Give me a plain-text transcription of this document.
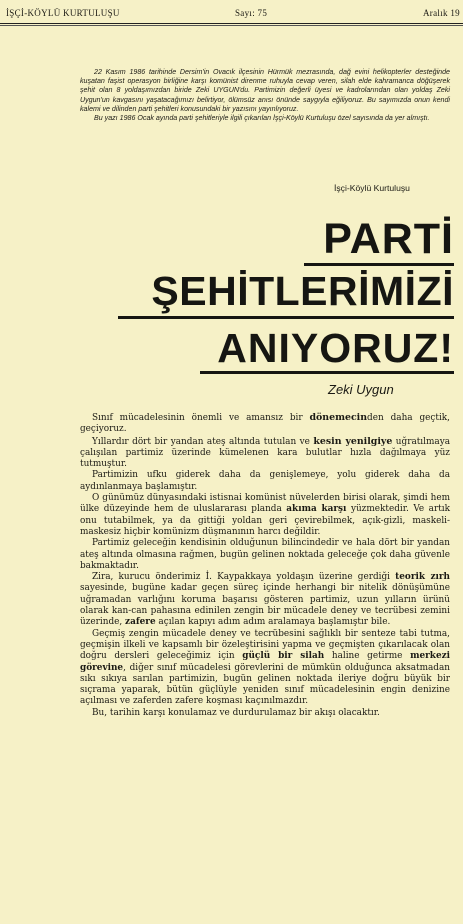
İŞÇİ-KÖYLÜ KURTULUŞU	Sayı: 75	Aralık 19

22 Kasım 1986 tarihinde Dersim'in Ovacık ilçesinin Hürmük mezrasında, dağ evini helikopterler desteğinde kuşatan faşist operasyon birliğine karşı komünist direnme ruhuyla cevap veren, silah elde kahramanca döğüşerek şehit olan 8 yoldaşımızdan biride Zeki UYGUN'du. Partimizin değerli üyesi ve kadrolarından olan yoldaş Zeki Uygun'un kavgasını yaşatacağımızı belirtiyor, ölümsüz anısı önünde saygıyla eğiliyoruz. Bu sayımızda onun kendi kalemi ve dilinden parti şehitleri konusundaki bir yazısını yayınlıyoruz.

Bu yazı 1986 Ocak ayında parti şehitleriyle ilgili çıkarılan İşçi-Köylü Kurtuluşu özel sayısında da yer almıştı.

İşçi-Köylü Kurtuluşu
PARTİ
ŞEHİTLERİMİZİ
ANIYORUZ!
Zeki Uygun

Sınıf mücadelesinin önemli ve amansız bir dönemecinden daha geçtik, geçiyoruz.

Yıllardır dört bir yandan ateş altında tutulan ve kesin yenilgiye uğratılmaya çalışılan partimiz üzerinde kümelenen kara bulutlar hızla dağılmaya yüz tutmuştur.

Partimizin ufku giderek daha da genişlemeye, yolu giderek daha da aydınlanmaya başlamıştır.

O günümüz dünyasındaki istisnai komünist nüvelerden birisi olarak, şimdi hem ülke düzeyinde hem de uluslararası planda akıma karşı yüzmektedir. Ve artık onu tutabilmek, ya da gittiği yoldan geri çevirebilmek, açık-gizli, maskeli-maskesiz hiçbir komünizm düşmanının harcı değildir.

Partimiz geleceğin kendisinin olduğunun bilincindedir ve hala dört bir yandan ateş altında olmasına rağmen, bugün gelinen noktada geleceğe çok daha güvenle bakmaktadır.

Zira, kurucu önderimiz İ. Kaypakkaya yoldaşın üzerine gerdiği teorik zırh sayesinde, bugüne kadar geçen süreç içinde herhangi bir nitelik dönüşümüne uğramadan varlığını koruma başarısı gösteren partimiz, uzun yılların ürünü olarak kan-can pahasına edinilen zengin bir mücadele deney ve tecrübesi zemini üzerinde, zafere açılan kapıyı adım adım aralamaya başlamıştır bile.

Geçmiş zengin mücadele deney ve tecrübesini sağlıklı bir senteze tabi tutma, geçmişin ilkeli ve kapsamlı bir özeleştirisini yapma ve geçmişten çıkarılacak olan doğru dersleri geleceğimiz için güçlü bir silah haline getirme merkezi görevine, diğer sınıf mücadelesi görevlerini de mümkün olduğunca aksatmadan sıkı sıkıya sarılan partimizin, bugün gelinen noktada ileriye doğru büyük bir sıçrama yaparak, bütün güçlüyle yeniden sınıf mücadelesinin engin denizine açılması ve zaferden zafere koşması kaçınılmazdır.

Bu, tarihin karşı konulamaz ve durdurulamaz bir akışı olacaktır.
